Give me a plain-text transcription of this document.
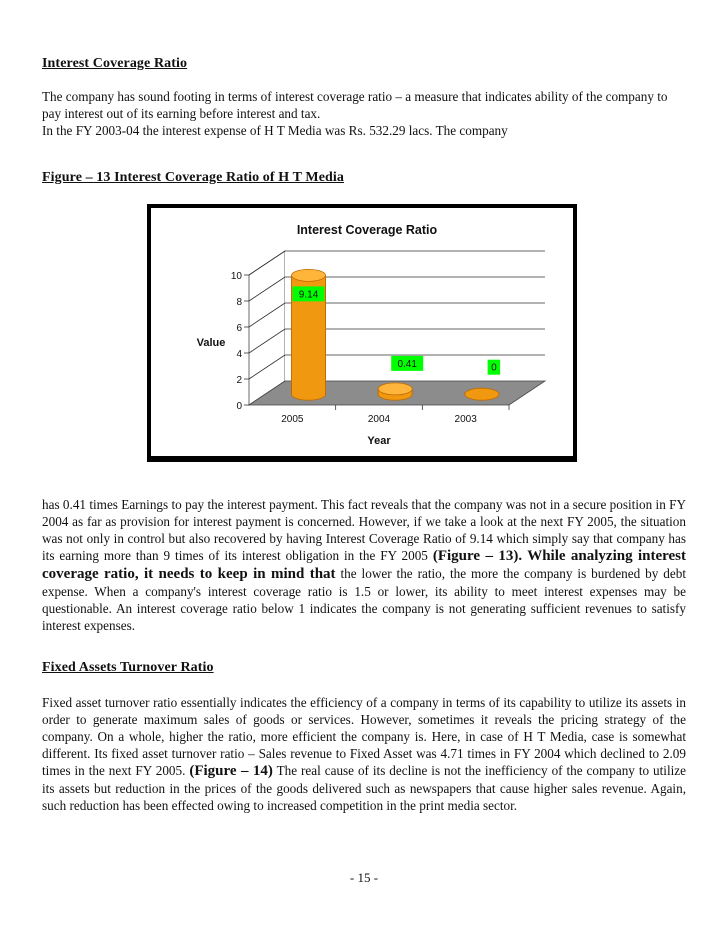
Interest Coverage Ratio

The company has sound footing in terms of interest coverage ratio – a measure that indicates ability of the company to pay interest out of its earning before interest and tax.

In the FY 2003-04 the interest expense of H T Media was Rs. 532.29 lacs. The company

Figure – 13 Interest Coverage Ratio of H T Media
Interest Coverage Ratio
0
2
4
6
8
10
9.14
0.41	0
2005	2004	2003
Value
Year

has 0.41 times Earnings to pay the interest payment. This fact reveals that the company was not in a secure position in FY 2004 as far as provision for interest payment is concerned. However, if we take a look at the next FY 2005, the situation was not only in control but also recovered by having Interest Coverage Ratio of 9.14 which simply say that company has its earning more than 9 times of its interest obligation in the FY 2005 (Figure – 13). While analyzing interest coverage ratio, it needs to keep in mind that the lower the ratio, the more the company is burdened by debt expense. When a company's interest coverage ratio is 1.5 or lower, its ability to meet interest expenses may be questionable. An interest coverage ratio below 1 indicates the company is not generating sufficient revenues to satisfy interest expenses.

Fixed Assets Turnover Ratio

Fixed asset turnover ratio essentially indicates the efficiency of a company in terms of its capability to utilize its assets in order to generate maximum sales of goods or services. However, sometimes it reveals the pricing strategy of the company. On a whole, higher the ratio, more efficient the company is. Here, in case of H T Media, case is somewhat different. Its fixed asset turnover ratio – Sales revenue to Fixed Asset was 4.71 times in FY 2004 which declined to 2.09 times in the next FY 2005. (Figure – 14) The real cause of its decline is not the inefficiency of the company to utilize its assets but reduction in the prices of the goods delivered such as newspapers that cause higher sales revenue. Again, such reduction has been effected owing to increased competition in the print media sector.

- 15 -
